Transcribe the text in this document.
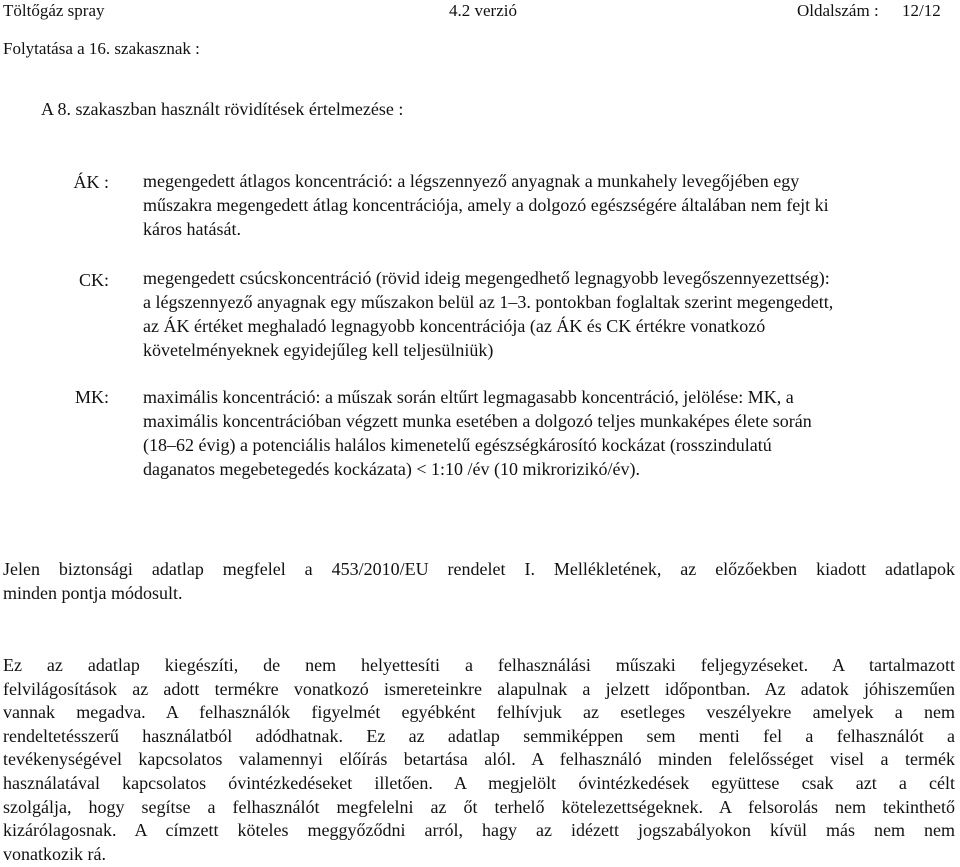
Töltőgáz spray	4.2 verzió	Oldalszám : 12/12
Folytatása a 16. szakasznak :
A 8. szakaszban használt rövidítések értelmezése :
ÁK : megengedett átlagos koncentráció: a légszennyező anyagnak a munkahely levegőjében egy
műszakra megengedett átlag koncentrációja, amely a dolgozó egészségére általában nem fejt ki
káros hatását.
CK: megengedett csúcskoncentráció (rövid ideig megengedhető legnagyobb levegőszennyezettség):
a légszennyező anyagnak egy műszakon belül az 1–3. pontokban foglaltak szerint megengedett,
az ÁK értéket meghaladó legnagyobb koncentrációja (az ÁK és CK értékre vonatkozó
követelményeknek egyidejűleg kell teljesülniük)
MK: maximális koncentráció: a műszak során eltűrt legmagasabb koncentráció, jelölése: MK, a
maximális koncentrációban végzett munka esetében a dolgozó teljes munkaképes élete során
(18–62 évig) a potenciális halálos kimenetelű egészségkárosító kockázat (rosszindulatú
daganatos megebetegedés kockázata) < 1:10 /év (10 mikrorizikó/év).
Jelen biztonsági adatlap megfelel a 453/2010/EU rendelet I. Mellékletének, az előzőekben kiadott adatlapok
minden pontja módosult.
Ez az adatlap kiegészíti, de nem helyettesíti a felhasználási műszaki feljegyzéseket. A tartalmazott
felvilágosítások az adott termékre vonatkozó ismereteinkre alapulnak a jelzett időpontban. Az adatok jóhiszeműen
vannak megadva. A felhasználók figyelmét egyébként felhívjuk az esetleges veszélyekre amelyek a nem
rendeltetésszerű használatból adódhatnak. Ez az adatlap semmiképpen sem menti fel a felhasználót a
tevékenységével kapcsolatos valamennyi előírás betartása alól. A felhasználó minden felelősséget visel a termék
használatával kapcsolatos óvintézkedéseket illetően. A megjelölt óvintézkedések együttese csak azt a célt
szolgálja, hogy segítse a felhasználót megfelelni az őt terhelő kötelezettségeknek. A felsorolás nem tekinthető
kizárólagosnak. A címzett köteles meggyőződni arról, hagy az idézett jogszabályokon kívül más nem nem
vonatkozik rá.
